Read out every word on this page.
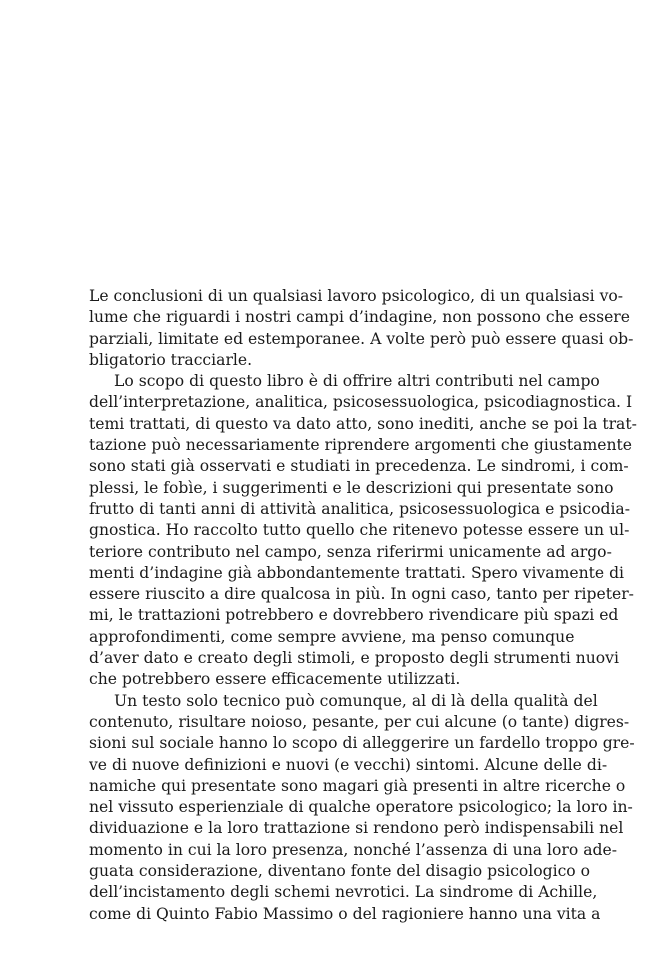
Le conclusioni di un qualsiasi lavoro psicologico, di un qualsiasi vo-
lume che riguardi i nostri campi d’indagine, non possono che essere
parziali, limitate ed estemporanee. A volte però può essere quasi ob-
bligatorio tracciarle.
Lo scopo di questo libro è di offrire altri contributi nel campo
dell’interpretazione, analitica, psicosessuologica, psicodiagnostica. I
temi trattati, di questo va dato atto, sono inediti, anche se poi la trat-
tazione può necessariamente riprendere argomenti che giustamente
sono stati già osservati e studiati in precedenza. Le sindromi, i com-
plessi, le fobìe, i suggerimenti e le descrizioni qui presentate sono
frutto di tanti anni di attività analitica, psicosessuologica e psicodia-
gnostica. Ho raccolto tutto quello che ritenevo potesse essere un ul-
teriore contributo nel campo, senza riferirmi unicamente ad argo-
menti d’indagine già abbondantemente trattati. Spero vivamente di
essere riuscito a dire qualcosa in più. In ogni caso, tanto per ripeter-
mi, le trattazioni potrebbero e dovrebbero rivendicare più spazi ed
approfondimenti, come sempre avviene, ma penso comunque
d’aver dato e creato degli stimoli, e proposto degli strumenti nuovi
che potrebbero essere efficacemente utilizzati.
Un testo solo tecnico può comunque, al di là della qualità del
contenuto, risultare noioso, pesante, per cui alcune (o tante) digres-
sioni sul sociale hanno lo scopo di alleggerire un fardello troppo gre-
ve di nuove definizioni e nuovi (e vecchi) sintomi. Alcune delle di-
namiche qui presentate sono magari già presenti in altre ricerche o
nel vissuto esperienziale di qualche operatore psicologico; la loro in-
dividuazione e la loro trattazione si rendono però indispensabili nel
momento in cui la loro presenza, nonché l’assenza di una loro ade-
guata considerazione, diventano fonte del disagio psicologico o
dell’incistamento degli schemi nevrotici. La sindrome di Achille,
come di Quinto Fabio Massimo o del ragioniere hanno una vita a
